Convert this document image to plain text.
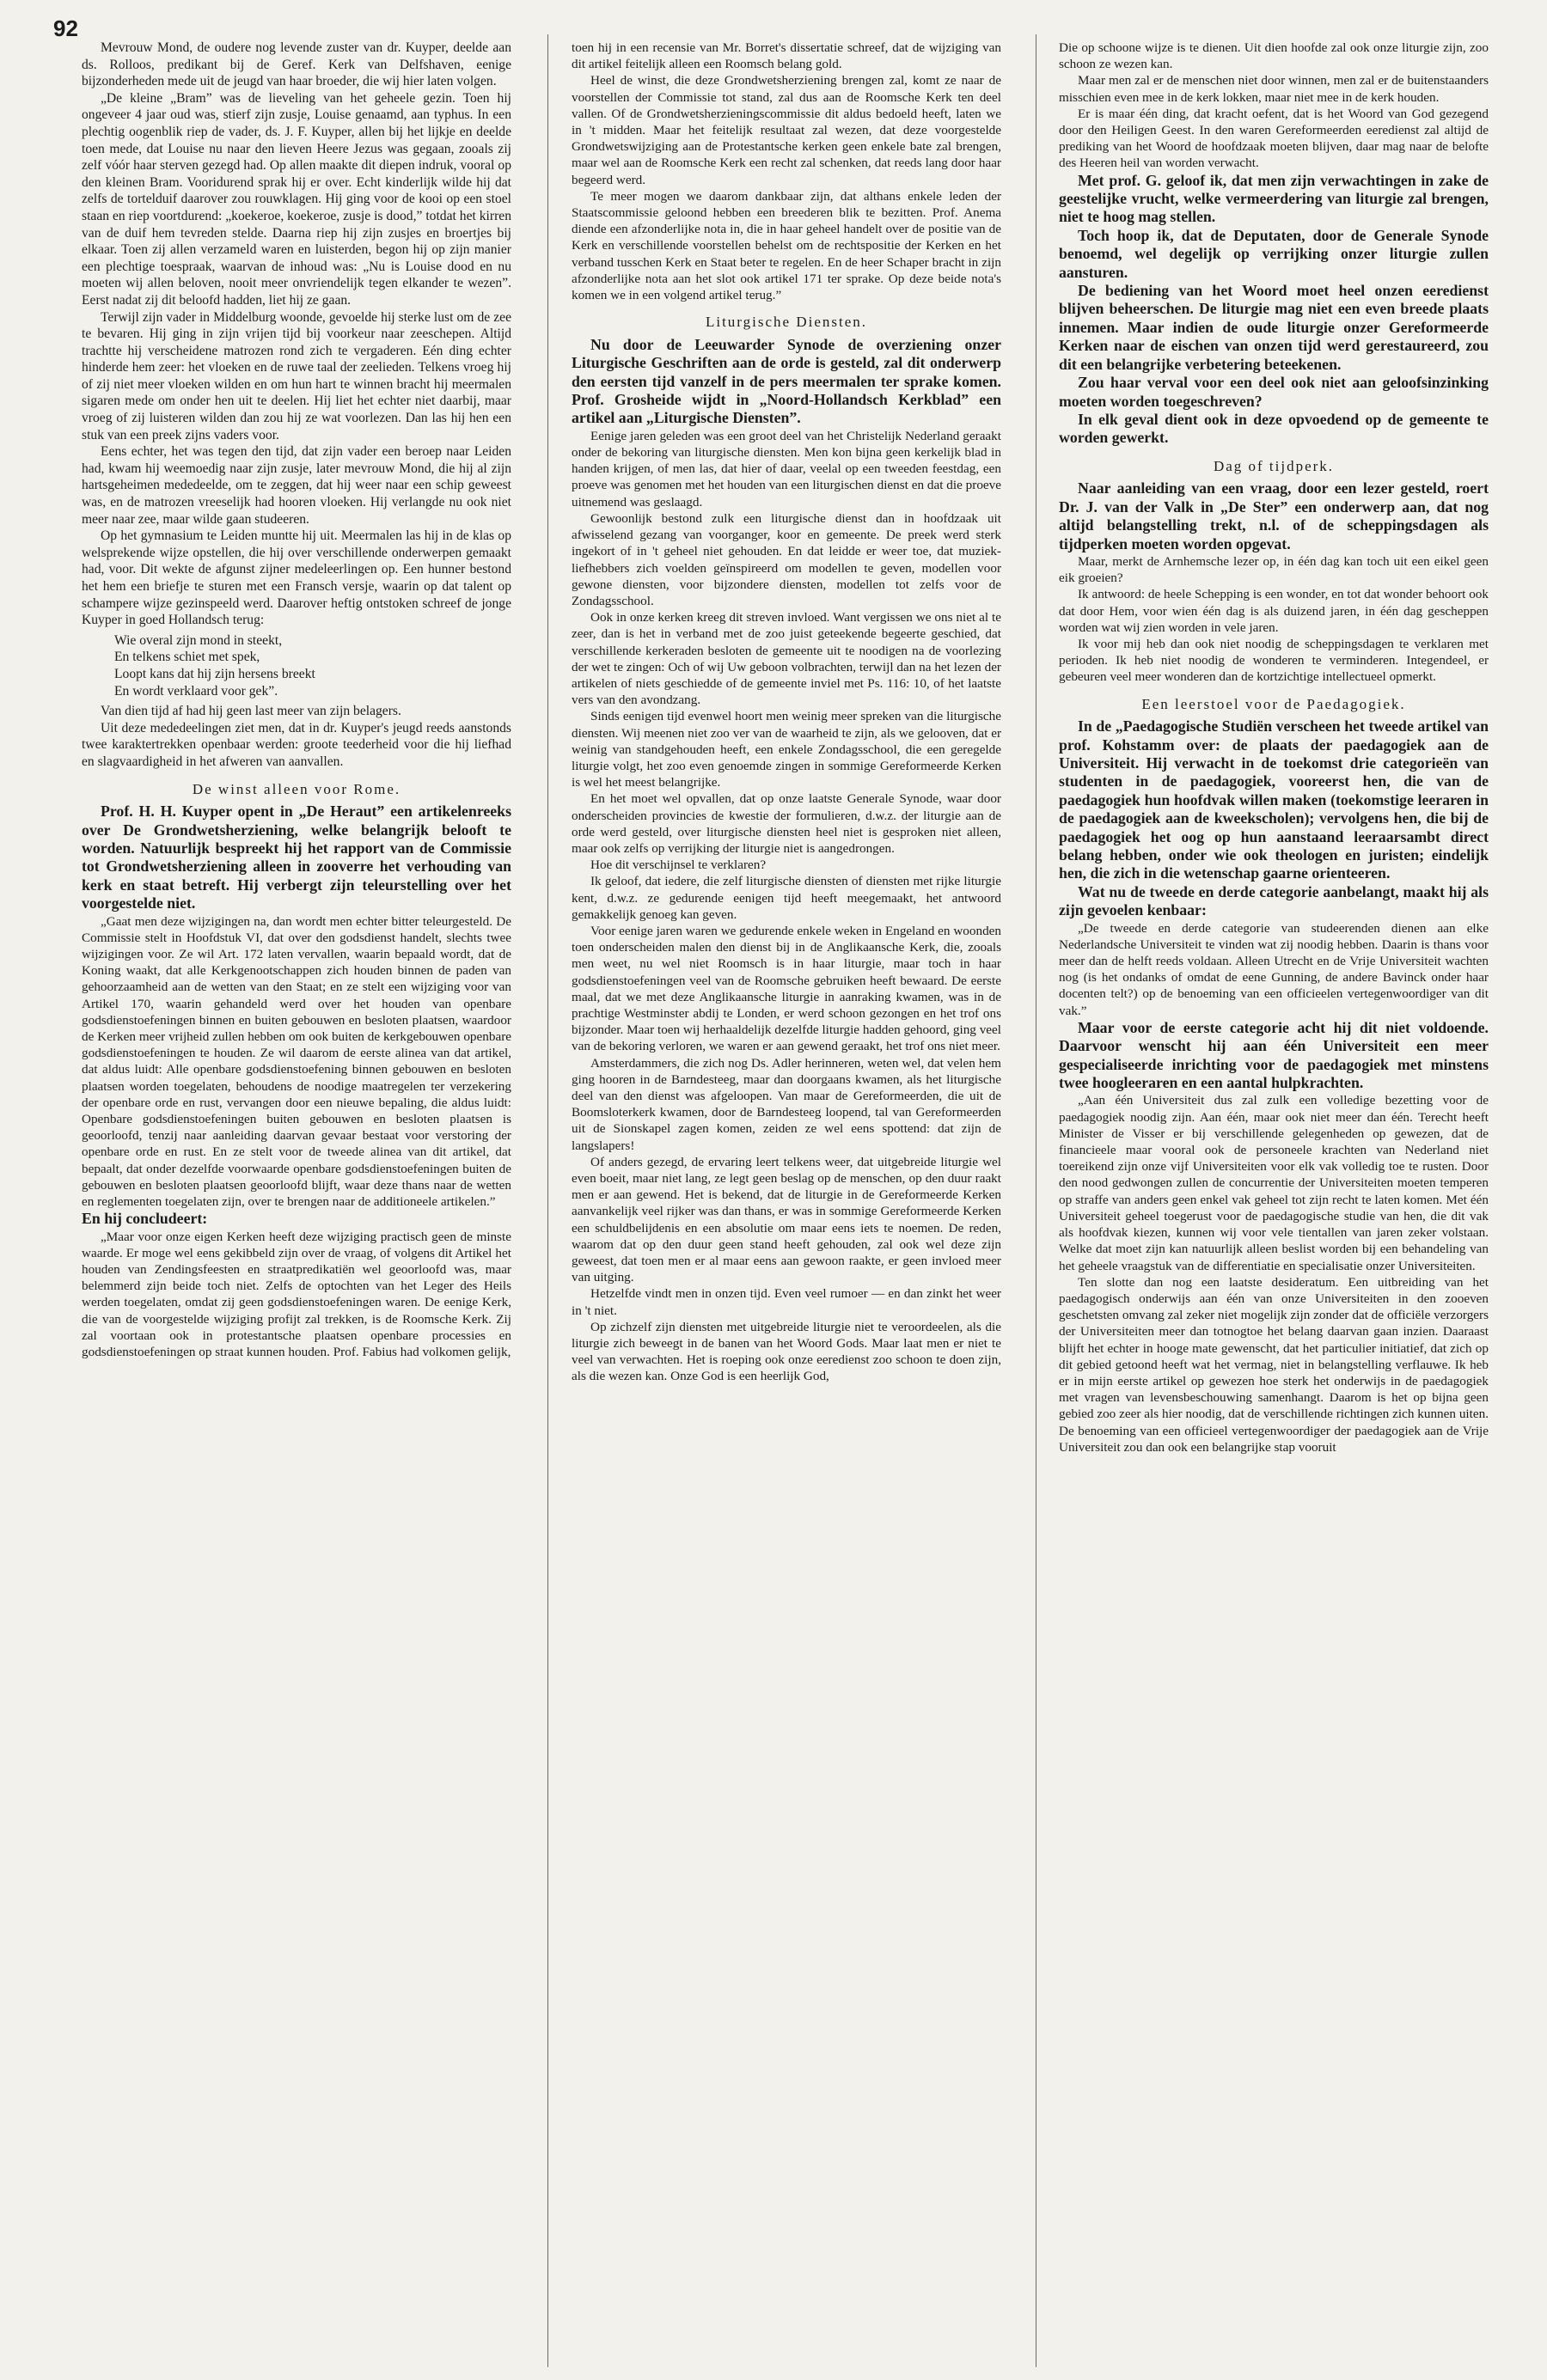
92

Mevrouw Mond, de oudere nog levende zuster van dr. Kuyper, deelde aan ds. Rolloos, predikant bij de Geref. Kerk van Delfshaven, eenige bijzonderheden mede uit de jeugd van haar broeder, die wij hier laten volgen.

„De kleine „Bram” was de lieveling van het geheele gezin. Toen hij ongeveer 4 jaar oud was, stierf zijn zusje, Louise genaamd, aan typhus. In een plechtig oogenblik riep de vader, ds. J. F. Kuyper, allen bij het lijkje en deelde toen mede, dat Louise nu naar den lieven Heere Jezus was gegaan, zooals zij zelf vóór haar sterven gezegd had. Op allen maakte dit diepen indruk, vooral op den kleinen Bram. Vooridurend sprak hij er over. Echt kinderlijk wilde hij dat zelfs de tortelduif daarover zou rouwklagen. Hij ging voor de kooi op een stoel staan en riep voortdurend: „koekeroe, koekeroe, zusje is dood,” totdat het kirren van de duif hem tevreden stelde. Daarna riep hij zijn zusjes en broertjes bij elkaar. Toen zij allen verzameld waren en luisterden, begon hij op zijn manier een plechtige toespraak, waarvan de inhoud was: „Nu is Louise dood en nu moeten wij allen beloven, nooit meer onvriendelijk tegen elkander te wezen”. Eerst nadat zij dit beloofd hadden, liet hij ze gaan.

Terwijl zijn vader in Middelburg woonde, gevoelde hij sterke lust om de zee te bevaren. Hij ging in zijn vrijen tijd bij voorkeur naar zeeschepen. Altijd trachtte hij verscheidene matrozen rond zich te vergaderen. Eén ding echter hinderde hem zeer: het vloeken en de ruwe taal der zeelieden. Telkens vroeg hij of zij niet meer vloeken wilden en om hun hart te winnen bracht hij meermalen sigaren mede om onder hen uit te deelen. Hij liet het echter niet daarbij, maar vroeg of zij luisteren wilden dan zou hij ze wat voorlezen. Dan las hij hen een stuk van een preek zijns vaders voor.

Eens echter, het was tegen den tijd, dat zijn vader een beroep naar Leiden had, kwam hij weemoedig naar zijn zusje, later mevrouw Mond, die hij al zijn hartsgeheimen mededeelde, om te zeggen, dat hij weer naar een schip geweest was, en de matrozen vreeselijk had hooren vloeken. Hij verlangde nu ook niet meer naar zee, maar wilde gaan studeeren.

Op het gymnasium te Leiden muntte hij uit. Meermalen las hij in de klas op welsprekende wijze opstellen, die hij over verschillende onderwerpen gemaakt had, voor. Dit wekte de afgunst zijner medeleerlingen op. Een hunner bestond het hem een briefje te sturen met een Fransch versje, waarin op dat talent op schampere wijze gezinspeeld werd. Daarover heftig ontstoken schreef de jonge Kuyper in goed Hollandsch terug:

Wie overal zijn mond in steekt,
En telkens schiet met spek,
Loopt kans dat hij zijn hersens breekt
En wordt verklaard voor gek”.

Van dien tijd af had hij geen last meer van zijn belagers.

Uit deze mededeelingen ziet men, dat in dr. Kuyper's jeugd reeds aanstonds twee karaktertrekken openbaar werden: groote teederheid voor die hij liefhad en slagvaardigheid in het afweren van aanvallen.

De winst alleen voor Rome.

Prof. H. H. Kuyper opent in „De Heraut” een artikelenreeks over De Grondwetsherziening, welke belangrijk belooft te worden. Natuurlijk bespreekt hij het rapport van de Commissie tot Grondwetsherziening alleen in zooverre het verhouding van kerk en staat betreft. Hij verbergt zijn teleurstelling over het voorgestelde niet.

„Gaat men deze wijzigingen na, dan wordt men echter bitter teleurgesteld. De Commissie stelt in Hoofdstuk VI, dat over den godsdienst handelt, slechts twee wijzigingen voor. Ze wil Art. 172 laten vervallen, waarin bepaald wordt, dat de Koning waakt, dat alle Kerkgenootschappen zich houden binnen de paden van gehoorzaamheid aan de wetten van den Staat; en ze stelt een wijziging voor van Artikel 170, waarin gehandeld werd over het houden van openbare godsdienstoefeningen binnen en buiten gebouwen en besloten plaatsen, waardoor de Kerken meer vrijheid zullen hebben om ook buiten de kerkgebouwen openbare godsdienstoefeningen te houden. Ze wil daarom de eerste alinea van dat artikel, dat aldus luidt: Alle openbare godsdienstoefening binnen gebouwen en besloten plaatsen worden toegelaten, behoudens de noodige maatregelen ter verzekering der openbare orde en rust, vervangen door een nieuwe bepaling, die aldus luidt: Openbare godsdienstoefeningen buiten gebouwen en besloten plaatsen is geoorloofd, tenzij naar aanleiding daarvan gevaar bestaat voor verstoring der openbare orde en rust. En ze stelt voor de tweede alinea van dit artikel, dat bepaalt, dat onder dezelfde voorwaarde openbare godsdienstoefeningen buiten de gebouwen en besloten plaatsen geoorloofd blijft, waar deze thans naar de wetten en reglementen toegelaten zijn, over te brengen naar de additioneele artikelen.”

En hij concludeert:

„Maar voor onze eigen Kerken heeft deze wijziging practisch geen de minste waarde. Er moge wel eens gekibbeld zijn over de vraag, of volgens dit Artikel het houden van Zendingsfeesten en straatpredikatiën wel geoorloofd was, maar belemmerd zijn beide toch niet. Zelfs de optochten van het Leger des Heils werden toegelaten, omdat zij geen godsdienstoefeningen waren. De eenige Kerk, die van de voorgestelde wijziging profijt zal trekken, is de Roomsche Kerk. Zij zal voortaan ook in protestantsche plaatsen openbare processies en godsdienstoefeningen op straat kunnen houden. Prof. Fabius had volkomen gelijk,

toen hij in een recensie van Mr. Borret's dissertatie schreef, dat de wijziging van dit artikel feitelijk alleen een Roomsch belang gold.

Heel de winst, die deze Grondwetsherziening brengen zal, komt ze naar de voorstellen der Commissie tot stand, zal dus aan de Roomsche Kerk ten deel vallen. Of de Grondwetsherzieningscommissie dit aldus bedoeld heeft, laten we in 't midden. Maar het feitelijk resultaat zal wezen, dat deze voorgestelde Grondwetswijziging aan de Protestantsche kerken geen enkele bate zal brengen, maar wel aan de Roomsche Kerk een recht zal schenken, dat reeds lang door haar begeerd werd.

Te meer mogen we daarom dankbaar zijn, dat althans enkele leden der Staatscommissie geloond hebben een breederen blik te bezitten. Prof. Anema diende een afzonderlijke nota in, die in haar geheel handelt over de positie van de Kerk en verschillende voorstellen behelst om de rechtspositie der Kerken en het verband tusschen Kerk en Staat beter te regelen. En de heer Schaper bracht in zijn afzonderlijke nota aan het slot ook artikel 171 ter sprake. Op deze beide nota's komen we in een volgend artikel terug.”

Liturgische Diensten.

Nu door de Leeuwarder Synode de overziening onzer Liturgische Geschriften aan de orde is gesteld, zal dit onderwerp den eersten tijd vanzelf in de pers meermalen ter sprake komen. Prof. Grosheide wijdt in „Noord-Hollandsch Kerkblad” een artikel aan „Liturgische Diensten”.

Eenige jaren geleden was een groot deel van het Christelijk Nederland geraakt onder de bekoring van liturgische diensten. Men kon bijna geen kerkelijk blad in handen krijgen, of men las, dat hier of daar, veelal op een tweeden feestdag, een proeve was genomen met het houden van een liturgischen dienst en dat die proeve uitnemend was geslaagd.

Gewoonlijk bestond zulk een liturgische dienst dan in hoofdzaak uit afwisselend gezang van voorganger, koor en gemeente. De preek werd sterk ingekort of in 't geheel niet gehouden. En dat leidde er weer toe, dat muziek-liefhebbers zich voelden geïnspireerd om modellen te geven, modellen voor gewone diensten, voor bijzondere diensten, modellen tot zelfs voor de Zondagsschool.

Ook in onze kerken kreeg dit streven invloed. Want vergissen we ons niet al te zeer, dan is het in verband met de zoo juist geteekende begeerte geschied, dat verschillende kerkeraden besloten de gemeente uit te noodigen na de voorlezing der wet te zingen: Och of wij Uw geboon volbrachten, terwijl dan na het lezen der artikelen of niets geschiedde of de gemeente inviel met Ps. 116: 10, of het laatste vers van den avondzang.

Sinds eenigen tijd evenwel hoort men weinig meer spreken van die liturgische diensten. Wij meenen niet zoo ver van de waarheid te zijn, als we gelooven, dat er weinig van standgehouden heeft, een enkele Zondagsschool, die een geregelde liturgie volgt, het zoo even genoemde zingen in sommige Gereformeerde Kerken is wel het meest belangrijke.

En het moet wel opvallen, dat op onze laatste Generale Synode, waar door onderscheiden provincies de kwestie der formulieren, d.w.z. der liturgie aan de orde werd gesteld, over liturgische diensten heel niet is gesproken niet alleen, maar ook zelfs op verrijking der liturgie niet is aangedrongen.

Hoe dit verschijnsel te verklaren?

Ik geloof, dat iedere, die zelf liturgische diensten of diensten met rijke liturgie kent, d.w.z. ze gedurende eenigen tijd heeft meegemaakt, het antwoord gemakkelijk genoeg kan geven.

Voor eenige jaren waren we gedurende enkele weken in Engeland en woonden toen onderscheiden malen den dienst bij in de Anglikaansche Kerk, die, zooals men weet, nu wel niet Roomsch is in haar liturgie, maar toch in haar godsdienstoefeningen veel van de Roomsche gebruiken heeft bewaard. De eerste maal, dat we met deze Anglikaansche liturgie in aanraking kwamen, was in de prachtige Westminster abdij te Londen, er werd schoon gezongen en het trof ons bijzonder. Maar toen wij herhaaldelijk dezelfde liturgie hadden gehoord, ging veel van de bekoring verloren, we waren er aan gewend geraakt, het trof ons niet meer.

Amsterdammers, die zich nog Ds. Adler herinneren, weten wel, dat velen hem ging hooren in de Barndesteeg, maar dan doorgaans kwamen, als het liturgische deel van den dienst was afgeloopen. Van maar de Gereformeerden, die uit de Boomsloterkerk kwamen, door de Barndesteeg loopend, tal van Gereformeerden uit de Sionskapel zagen komen, zeiden ze wel eens spottend: dat zijn de langslapers!

Of anders gezegd, de ervaring leert telkens weer, dat uitgebreide liturgie wel even boeit, maar niet lang, ze legt geen beslag op de menschen, op den duur raakt men er aan gewend. Het is bekend, dat de liturgie in de Gereformeerde Kerken aanvankelijk veel rijker was dan thans, er was in sommige Gereformeerde Kerken een schuldbelijdenis en een absolutie om maar eens iets te noemen. De reden, waarom dat op den duur geen stand heeft gehouden, zal ook wel deze zijn geweest, dat toen men er al maar eens aan gewoon raakte, er geen invloed meer van uitging.

Hetzelfde vindt men in onzen tijd. Even veel rumoer — en dan zinkt het weer in 't niet.

Op zichzelf zijn diensten met uitgebreide liturgie niet te veroordeelen, als die liturgie zich beweegt in de banen van het Woord Gods. Maar laat men er niet te veel van verwachten. Het is roeping ook onze eeredienst zoo schoon te doen zijn, als die wezen kan. Onze God is een heerlijk God,

Die op schoone wijze is te dienen. Uit dien hoofde zal ook onze liturgie zijn, zoo schoon ze wezen kan.

Maar men zal er de menschen niet door winnen, men zal er de buitenstaanders misschien even mee in de kerk lokken, maar niet mee in de kerk houden.

Er is maar één ding, dat kracht oefent, dat is het Woord van God gezegend door den Heiligen Geest. In den waren Gereformeerden eeredienst zal altijd de prediking van het Woord de hoofdzaak moeten blijven, daar mag naar de belofte des Heeren heil van worden verwacht.

Met prof. G. geloof ik, dat men zijn verwachtingen in zake de geestelijke vrucht, welke vermeerdering van liturgie zal brengen, niet te hoog mag stellen.

Toch hoop ik, dat de Deputaten, door de Generale Synode benoemd, wel degelijk op verrijking onzer liturgie zullen aansturen.

De bediening van het Woord moet heel onzen eeredienst blijven beheerschen. De liturgie mag niet een even breede plaats innemen. Maar indien de oude liturgie onzer Gereformeerde Kerken naar de eischen van onzen tijd werd gerestaureerd, zou dit een belangrijke verbetering beteekenen.

Zou haar verval voor een deel ook niet aan geloofsinzinking moeten worden toegeschreven?

In elk geval dient ook in deze opvoedend op de gemeente te worden gewerkt.

Dag of tijdperk.

Naar aanleiding van een vraag, door een lezer gesteld, roert Dr. J. van der Valk in „De Ster” een onderwerp aan, dat nog altijd belangstelling trekt, n.l. of de scheppingsdagen als tijdperken moeten worden opgevat.

Maar, merkt de Arnhemsche lezer op, in één dag kan toch uit een eikel geen eik groeien?

Ik antwoord: de heele Schepping is een wonder, en tot dat wonder behoort ook dat door Hem, voor wien één dag is als duizend jaren, in één dag gescheppen worden wat wij zien worden in vele jaren.

Ik voor mij heb dan ook niet noodig de scheppingsdagen te verklaren met perioden. Ik heb niet noodig de wonderen te verminderen. Integendeel, er gebeuren veel meer wonderen dan de kortzichtige intellectueel opmerkt.

Een leerstoel voor de Paedagogiek.

In de „Paedagogische Studiën verscheen het tweede artikel van prof. Kohstamm over: de plaats der paedagogiek aan de Universiteit. Hij verwacht in de toekomst drie categorieën van studenten in de paedagogiek, vooreerst hen, die van de paedagogiek hun hoofdvak willen maken (toekomstige leeraren in de paedagogiek aan de kweekscholen); vervolgens hen, die bij de paedagogiek het oog op hun aanstaand leeraarsambt direct belang hebben, onder wie ook theologen en juristen; eindelijk hen, die zich in die wetenschap gaarne orienteeren.

Wat nu de tweede en derde categorie aanbelangt, maakt hij als zijn gevoelen kenbaar:

„De tweede en derde categorie van studeerenden dienen aan elke Nederlandsche Universiteit te vinden wat zij noodig hebben. Daarin is thans voor meer dan de helft reeds voldaan. Alleen Utrecht en de Vrije Universiteit wachten nog (is het ondanks of omdat de eene Gunning, de andere Bavinck onder haar docenten telt?) op de benoeming van een officieelen vertegenwoordiger van dit vak.”

Maar voor de eerste categorie acht hij dit niet voldoende. Daarvoor wenscht hij aan één Universiteit een meer gespecialiseerde inrichting voor de paedagogiek met minstens twee hoogleeraren en een aantal hulpkrachten.

„Aan één Universiteit dus zal zulk een volledige bezetting voor de paedagogiek noodig zijn. Aan één, maar ook niet meer dan één. Terecht heeft Minister de Visser er bij verschillende gelegenheden op gewezen, dat de financieele maar vooral ook de personeele krachten van Nederland niet toereikend zijn onze vijf Universiteiten voor elk vak volledig toe te rusten. Door den nood gedwongen zullen de concurrentie der Universiteiten moeten temperen op straffe van anders geen enkel vak geheel tot zijn recht te laten komen. Met één Universiteit geheel toegerust voor de paedagogische studie van hen, die dit vak als hoofdvak kiezen, kunnen wij voor vele tientallen van jaren zeker volstaan. Welke dat moet zijn kan natuurlijk alleen beslist worden bij een behandeling van het geheele vraagstuk van de differentiatie en specialisatie onzer Universiteiten.

Ten slotte dan nog een laatste desideratum. Een uitbreiding van het paedagogisch onderwijs aan één van onze Universiteiten in den zooeven geschetsten omvang zal zeker niet mogelijk zijn zonder dat de officiële verzorgers der Universiteiten meer dan totnogtoe het belang daarvan gaan inzien. Daaraast blijft het echter in hooge mate gewenscht, dat het particulier initiatief, dat zich op dit gebied getoond heeft wat het vermag, niet in belangstelling verflauwe. Ik heb er in mijn eerste artikel op gewezen hoe sterk het onderwijs in de paedagogiek met vragen van levensbeschouwing samenhangt. Daarom is het op bijna geen gebied zoo zeer als hier noodig, dat de verschillende richtingen zich kunnen uiten. De benoeming van een officieel vertegenwoordiger der paedagogiek aan de Vrije Universiteit zou dan ook een belangrijke stap vooruit
